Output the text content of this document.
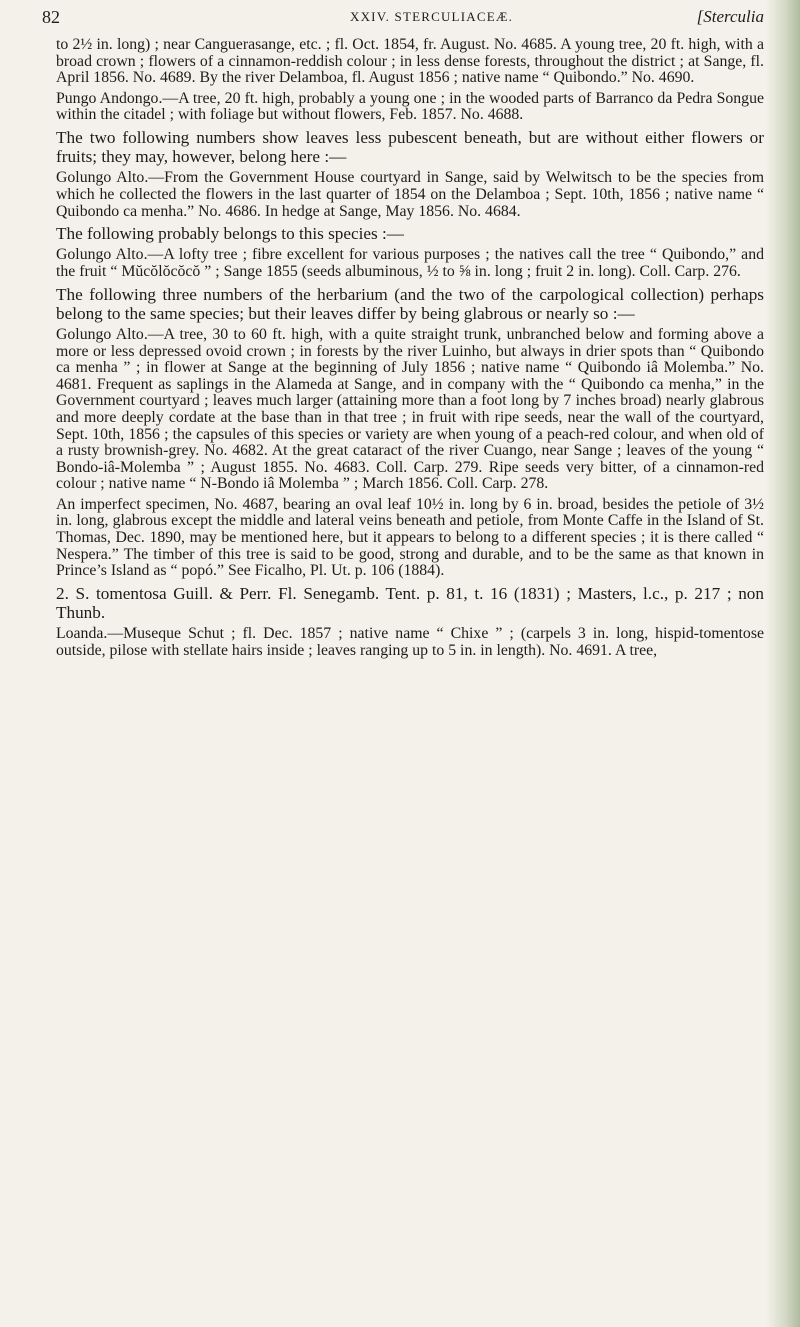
82	XXIV. STERCULIACEÆ.	[Sterculia

to 2½ in. long) ; near Canguerasange, etc. ; fl. Oct. 1854, fr. August. No. 4685. A young tree, 20 ft. high, with a broad crown ; flowers of a cinnamon-reddish colour ; in less dense forests, throughout the district ; at Sange, fl. April 1856. No. 4689. By the river Delamboa, fl. August 1856 ; native name “ Quibondo.” No. 4690.

Pungo Andongo.—A tree, 20 ft. high, probably a young one ; in the wooded parts of Barranco da Pedra Songue within the citadel ; with foliage but without flowers, Feb. 1857. No. 4688.

The two following numbers show leaves less pubescent beneath, but are without either flowers or fruits; they may, however, belong here :—

Golungo Alto.—From the Government House courtyard in Sange, said by Welwitsch to be the species from which he collected the flowers in the last quarter of 1854 on the Delamboa ; Sept. 10th, 1856 ; native name “ Quibondo ca menha.” No. 4686. In hedge at Sange, May 1856. No. 4684.

The following probably belongs to this species :—

Golungo Alto.—A lofty tree ; fibre excellent for various purposes ; the natives call the tree “ Quibondo,” and the fruit “ Mŭcŏlŏcŏcŏ ” ; Sange 1855 (seeds albuminous, ½ to ⅝ in. long ; fruit 2 in. long). Coll. Carp. 276.

The following three numbers of the herbarium (and the two of the carpological collection) perhaps belong to the same species; but their leaves differ by being glabrous or nearly so :—

Golungo Alto.—A tree, 30 to 60 ft. high, with a quite straight trunk, unbranched below and forming above a more or less depressed ovoid crown ; in forests by the river Luinho, but always in drier spots than “ Quibondo ca menha ” ; in flower at Sange at the beginning of July 1856 ; native name “ Quibondo iâ Molemba.” No. 4681. Frequent as saplings in the Alameda at Sange, and in company with the “ Quibondo ca menha,” in the Government courtyard ; leaves much larger (attaining more than a foot long by 7 inches broad) nearly glabrous and more deeply cordate at the base than in that tree ; in fruit with ripe seeds, near the wall of the courtyard, Sept. 10th, 1856 ; the capsules of this species or variety are when young of a peach-red colour, and when old of a rusty brownish-grey. No. 4682. At the great cataract of the river Cuango, near Sange ; leaves of the young “ Bondo-iâ-Molemba ” ; August 1855. No. 4683. Coll. Carp. 279. Ripe seeds very bitter, of a cinnamon-red colour ; native name “ N-Bondo iâ Molemba ” ; March 1856. Coll. Carp. 278.

An imperfect specimen, No. 4687, bearing an oval leaf 10½ in. long by 6 in. broad, besides the petiole of 3½ in. long, glabrous except the middle and lateral veins beneath and petiole, from Monte Caffe in the Island of St. Thomas, Dec. 1890, may be mentioned here, but it appears to belong to a different species ; it is there called “ Nespera.” The timber of this tree is said to be good, strong and durable, and to be the same as that known in Prince’s Island as “ popó.” See Ficalho, Pl. Ut. p. 106 (1884).

2. S. tomentosa Guill. & Perr. Fl. Senegamb. Tent. p. 81, t. 16 (1831) ; Masters, l.c., p. 217 ; non Thunb.

Loanda.—Museque Schut ; fl. Dec. 1857 ; native name “ Chixe ” ; (carpels 3 in. long, hispid-tomentose outside, pilose with stellate hairs inside ; leaves ranging up to 5 in. in length). No. 4691. A tree,
